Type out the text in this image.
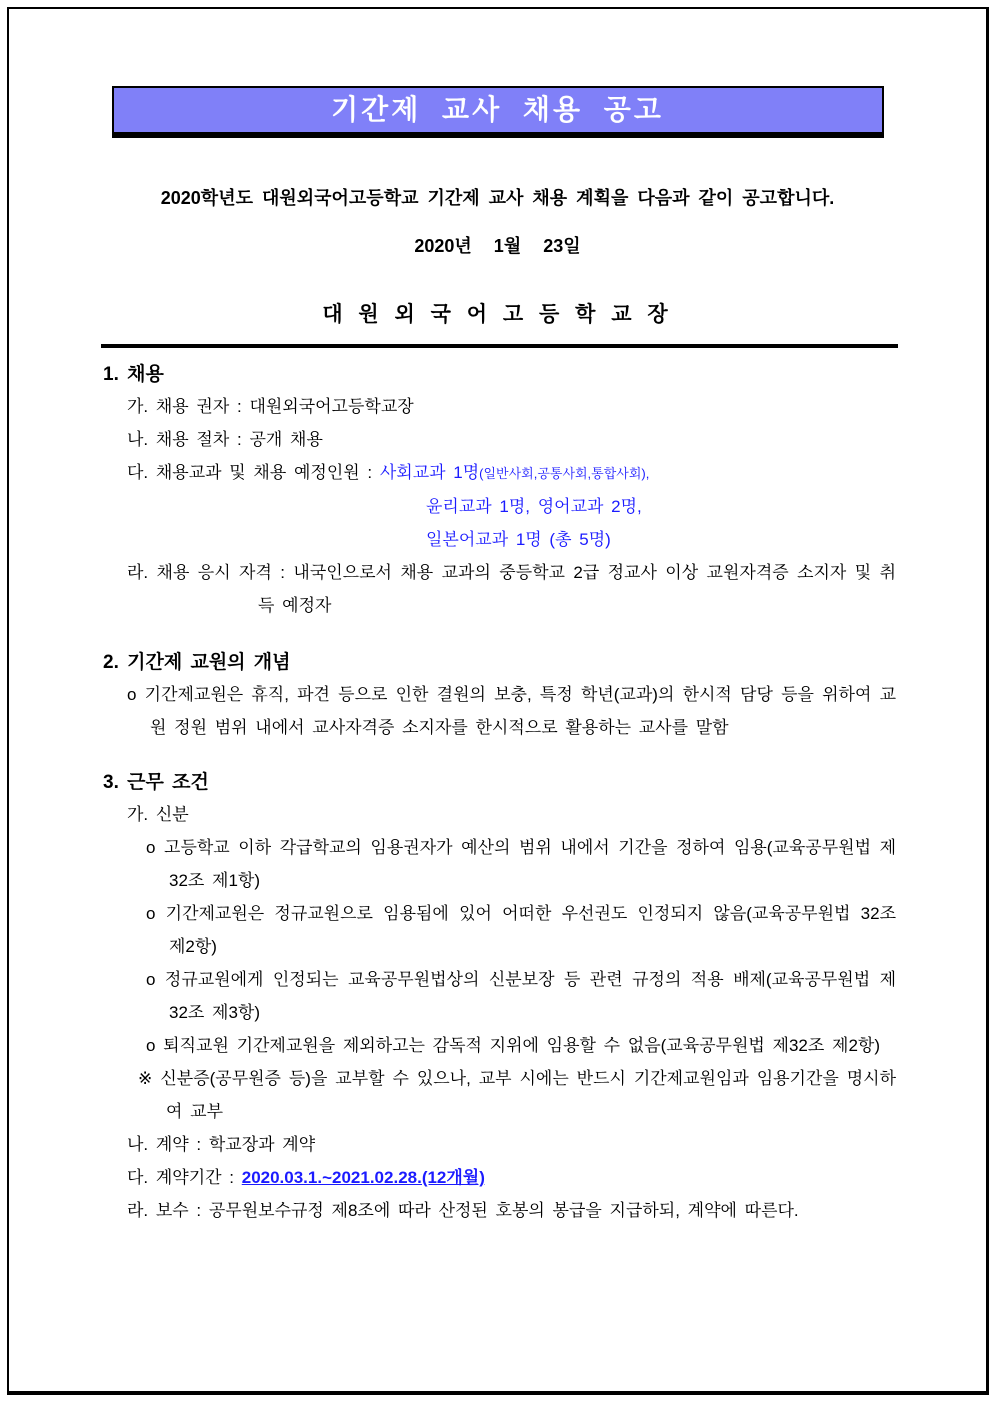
기간제 교사 채용 공고

2020학년도 대원외국어고등학교 기간제 교사 채용 계획을 다음과 같이 공고합니다.

2020년  1월  23일

대 원 외 국 어 고 등 학 교 장

1. 채용

가. 채용 권자 : 대원외국어고등학교장

나. 채용 절차 : 공개 채용

다. 채용교과 및 채용 예정인원 : 사회교과 1명(일반사회,공통사회,통합사회),
윤리교과 1명, 영어교과 2명,
일본어교과 1명 (총 5명)

라. 채용 응시 자격 : 내국인으로서 채용 교과의 중등학교 2급 정교사 이상 교원자격증 소지자 및 취득 예정자

2. 기간제 교원의 개념

o 기간제교원은 휴직, 파견 등으로 인한 결원의 보충, 특정 학년(교과)의 한시적 담당 등을 위하여 교원 정원 범위 내에서 교사자격증 소지자를 한시적으로 활용하는 교사를 말함

3. 근무 조건

가. 신분

o 고등학교 이하 각급학교의 임용권자가 예산의 범위 내에서 기간을 정하여 임용(교육공무원법 제32조 제1항)

o 기간제교원은 정규교원으로 임용됨에 있어 어떠한 우선권도 인정되지 않음(교육공무원법 32조 제2항)

o 정규교원에게 인정되는 교육공무원법상의 신분보장 등 관련 규정의 적용 배제(교육공무원법 제32조 제3항)

o 퇴직교원 기간제교원을 제외하고는 감독적 지위에 임용할 수 없음(교육공무원법 제32조 제2항)

※ 신분증(공무원증 등)을 교부할 수 있으나, 교부 시에는 반드시 기간제교원임과 임용기간을 명시하여 교부

나. 계약 : 학교장과 계약

다. 계약기간 : 2020.03.1.~2021.02.28.(12개월)

라. 보수 : 공무원보수규정 제8조에 따라 산정된 호봉의 봉급을 지급하되, 계약에 따른다.
